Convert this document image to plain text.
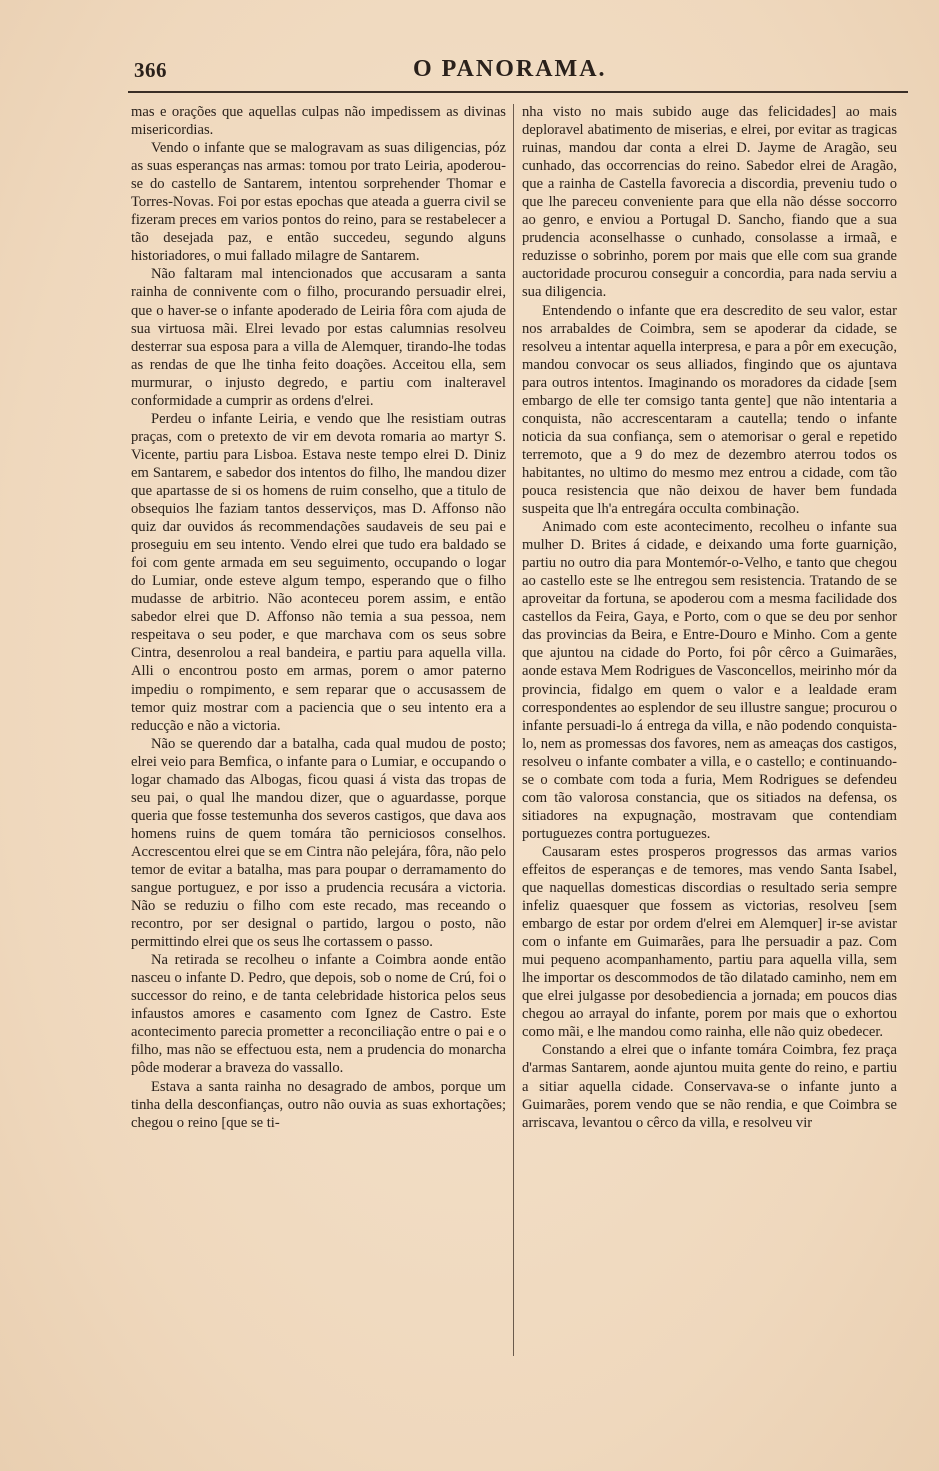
366	O PANORAMA.

mas e orações que aquellas culpas não impedissem as divinas misericordias.

Vendo o infante que se malogravam as suas diligencias, póz as suas esperanças nas armas: tomou por trato Leiria, apoderou-se do castello de Santarem, intentou sorprehender Thomar e Torres-Novas. Foi por estas epochas que ateada a guerra civil se fizeram preces em varios pontos do reino, para se restabelecer a tão desejada paz, e então succedeu, segundo alguns historiadores, o mui fallado milagre de Santarem.

Não faltaram mal intencionados que accusaram a santa rainha de connivente com o filho, procurando persuadir elrei, que o haver-se o infante apoderado de Leiria fôra com ajuda de sua virtuosa mãi. Elrei levado por estas calumnias resolveu desterrar sua esposa para a villa de Alemquer, tirando-lhe todas as rendas de que lhe tinha feito doações. Acceitou ella, sem murmurar, o injusto degredo, e partiu com inalteravel conformidade a cumprir as ordens d'elrei.

Perdeu o infante Leiria, e vendo que lhe resistiam outras praças, com o pretexto de vir em devota romaria ao martyr S. Vicente, partiu para Lisboa. Estava neste tempo elrei D. Diniz em Santarem, e sabedor dos intentos do filho, lhe mandou dizer que apartasse de si os homens de ruim conselho, que a titulo de obsequios lhe faziam tantos desserviços, mas D. Affonso não quiz dar ouvidos ás recommendações saudaveis de seu pai e proseguiu em seu intento. Vendo elrei que tudo era baldado se foi com gente armada em seu seguimento, occupando o logar do Lumiar, onde esteve algum tempo, esperando que o filho mudasse de arbitrio. Não aconteceu porem assim, e então sabedor elrei que D. Affonso não temia a sua pessoa, nem respeitava o seu poder, e que marchava com os seus sobre Cintra, desenrolou a real bandeira, e partiu para aquella villa. Alli o encontrou posto em armas, porem o amor paterno impediu o rompimento, e sem reparar que o accusassem de temor quiz mostrar com a paciencia que o seu intento era a reducção e não a victoria.

Não se querendo dar a batalha, cada qual mudou de posto; elrei veio para Bemfica, o infante para o Lumiar, e occupando o logar chamado das Albogas, ficou quasi á vista das tropas de seu pai, o qual lhe mandou dizer, que o aguardasse, porque queria que fosse testemunha dos severos castigos, que dava aos homens ruins de quem tomára tão perniciosos conselhos. Accrescentou elrei que se em Cintra não pelejára, fôra, não pelo temor de evitar a batalha, mas para poupar o derramamento do sangue portuguez, e por isso a prudencia recusára a victoria. Não se reduziu o filho com este recado, mas receando o recontro, por ser designal o partido, largou o posto, não permittindo elrei que os seus lhe cortassem o passo.

Na retirada se recolheu o infante a Coimbra aonde então nasceu o infante D. Pedro, que depois, sob o nome de Crú, foi o successor do reino, e de tanta celebridade historica pelos seus infaustos amores e casamento com Ignez de Castro. Este acontecimento parecia prometter a reconciliação entre o pai e o filho, mas não se effectuou esta, nem a prudencia do monarcha pôde moderar a braveza do vassallo.

Estava a santa rainha no desagrado de ambos, porque um tinha della desconfianças, outro não ouvia as suas exhortações; chegou o reino [que se ti-

nha visto no mais subido auge das felicidades] ao mais deploravel abatimento de miserias, e elrei, por evitar as tragicas ruinas, mandou dar conta a elrei D. Jayme de Aragão, seu cunhado, das occorrencias do reino. Sabedor elrei de Aragão, que a rainha de Castella favorecia a discordia, preveniu tudo o que lhe pareceu conveniente para que ella não désse soccorro ao genro, e enviou a Portugal D. Sancho, fiando que a sua prudencia aconselhasse o cunhado, consolasse a irmaã, e reduzisse o sobrinho, porem por mais que elle com sua grande auctoridade procurou conseguir a concordia, para nada serviu a sua diligencia.

Entendendo o infante que era descredito de seu valor, estar nos arrabaldes de Coimbra, sem se apoderar da cidade, se resolveu a intentar aquella interpresa, e para a pôr em execução, mandou convocar os seus alliados, fingindo que os ajuntava para outros intentos. Imaginando os moradores da cidade [sem embargo de elle ter comsigo tanta gente] que não intentaria a conquista, não accrescentaram a cautella; tendo o infante noticia da sua confiança, sem o atemorisar o geral e repetido terremoto, que a 9 do mez de dezembro aterrou todos os habitantes, no ultimo do mesmo mez entrou a cidade, com tão pouca resistencia que não deixou de haver bem fundada suspeita que lh'a entregára occulta combinação.

Animado com este acontecimento, recolheu o infante sua mulher D. Brites á cidade, e deixando uma forte guarnição, partiu no outro dia para Montemór-o-Velho, e tanto que chegou ao castello este se lhe entregou sem resistencia. Tratando de se aproveitar da fortuna, se apoderou com a mesma facilidade dos castellos da Feira, Gaya, e Porto, com o que se deu por senhor das provincias da Beira, e Entre-Douro e Minho. Com a gente que ajuntou na cidade do Porto, foi pôr cêrco a Guimarães, aonde estava Mem Rodrigues de Vasconcellos, meirinho mór da provincia, fidalgo em quem o valor e a lealdade eram correspondentes ao esplendor de seu illustre sangue; procurou o infante persuadi-lo á entrega da villa, e não podendo conquista-lo, nem as promessas dos favores, nem as ameaças dos castigos, resolveu o infante combater a villa, e o castello; e continuando-se o combate com toda a furia, Mem Rodrigues se defendeu com tão valorosa constancia, que os sitiados na defensa, os sitiadores na expugnação, mostravam que contendiam portuguezes contra portuguezes.

Causaram estes prosperos progressos das armas varios effeitos de esperanças e de temores, mas vendo Santa Isabel, que naquellas domesticas discordias o resultado seria sempre infeliz quaesquer que fossem as victorias, resolveu [sem embargo de estar por ordem d'elrei em Alemquer] ir-se avistar com o infante em Guimarães, para lhe persuadir a paz. Com mui pequeno acompanhamento, partiu para aquella villa, sem lhe importar os descommodos de tão dilatado caminho, nem em que elrei julgasse por desobediencia a jornada; em poucos dias chegou ao arrayal do infante, porem por mais que o exhortou como mãi, e lhe mandou como rainha, elle não quiz obedecer.

Constando a elrei que o infante tomára Coimbra, fez praça d'armas Santarem, aonde ajuntou muita gente do reino, e partiu a sitiar aquella cidade. Conservava-se o infante junto a Guimarães, porem vendo que se não rendia, e que Coimbra se arriscava, levantou o cêrco da villa, e resolveu vir
